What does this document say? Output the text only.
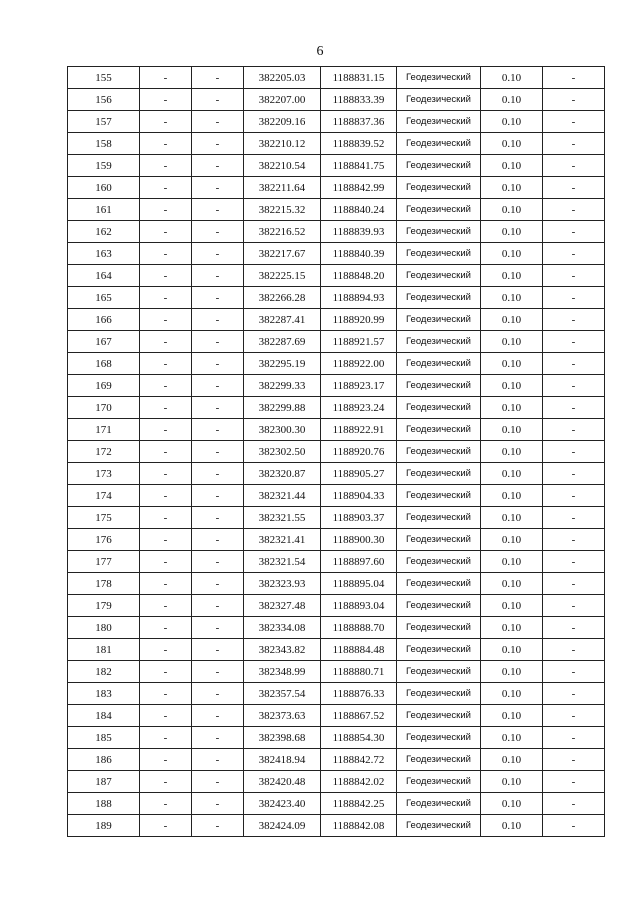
6
155	-	-	382205.03	1188831.15	Геодезический	0.10	-
156	-	-	382207.00	1188833.39	Геодезический	0.10	-
157	-	-	382209.16	1188837.36	Геодезический	0.10	-
158	-	-	382210.12	1188839.52	Геодезический	0.10	-
159	-	-	382210.54	1188841.75	Геодезический	0.10	-
160	-	-	382211.64	1188842.99	Геодезический	0.10	-
161	-	-	382215.32	1188840.24	Геодезический	0.10	-
162	-	-	382216.52	1188839.93	Геодезический	0.10	-
163	-	-	382217.67	1188840.39	Геодезический	0.10	-
164	-	-	382225.15	1188848.20	Геодезический	0.10	-
165	-	-	382266.28	1188894.93	Геодезический	0.10	-
166	-	-	382287.41	1188920.99	Геодезический	0.10	-
167	-	-	382287.69	1188921.57	Геодезический	0.10	-
168	-	-	382295.19	1188922.00	Геодезический	0.10	-
169	-	-	382299.33	1188923.17	Геодезический	0.10	-
170	-	-	382299.88	1188923.24	Геодезический	0.10	-
171	-	-	382300.30	1188922.91	Геодезический	0.10	-
172	-	-	382302.50	1188920.76	Геодезический	0.10	-
173	-	-	382320.87	1188905.27	Геодезический	0.10	-
174	-	-	382321.44	1188904.33	Геодезический	0.10	-
175	-	-	382321.55	1188903.37	Геодезический	0.10	-
176	-	-	382321.41	1188900.30	Геодезический	0.10	-
177	-	-	382321.54	1188897.60	Геодезический	0.10	-
178	-	-	382323.93	1188895.04	Геодезический	0.10	-
179	-	-	382327.48	1188893.04	Геодезический	0.10	-
180	-	-	382334.08	1188888.70	Геодезический	0.10	-
181	-	-	382343.82	1188884.48	Геодезический	0.10	-
182	-	-	382348.99	1188880.71	Геодезический	0.10	-
183	-	-	382357.54	1188876.33	Геодезический	0.10	-
184	-	-	382373.63	1188867.52	Геодезический	0.10	-
185	-	-	382398.68	1188854.30	Геодезический	0.10	-
186	-	-	382418.94	1188842.72	Геодезический	0.10	-
187	-	-	382420.48	1188842.02	Геодезический	0.10	-
188	-	-	382423.40	1188842.25	Геодезический	0.10	-
189	-	-	382424.09	1188842.08	Геодезический	0.10	-
